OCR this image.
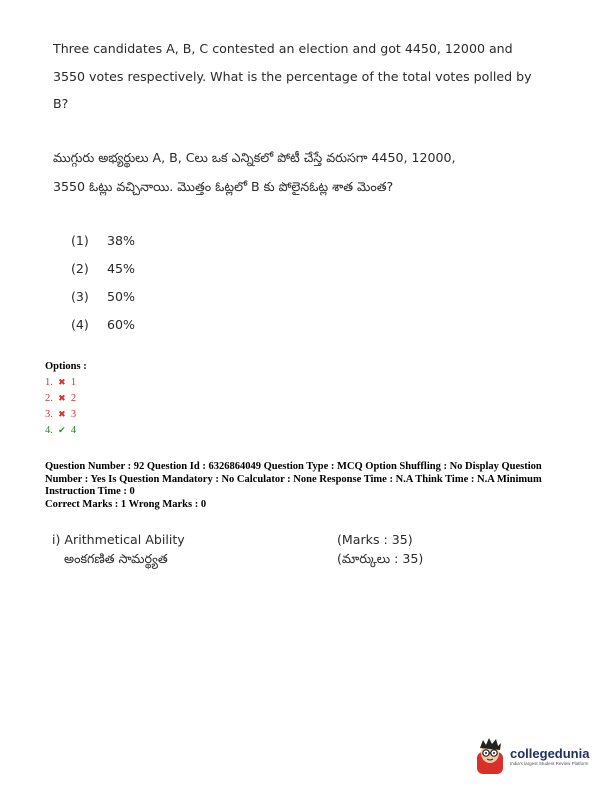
Three candidates A, B, C contested an election and got 4450, 12000 and 3550 votes respectively. What is the percentage of the total votes polled by B?
ముగ్గురు అభ్యర్థులు A, B, Cలు ఒక ఎన్నికలో పోటీ చేస్తే వరుసగా 4450, 12000,
3550 ఓట్లు వచ్చినాయి. మొత్తం ఓట్లలో B కు పోలైనఓట్ల శాత మెంత?
(1)	38%
(2)	45%
(3)	50%
(4)	60%
Options :
1. ✖ 1
2. ✖ 2
3. ✖ 3
4. ✔ 4

Question Number : 92 Question Id : 6326864049 Question Type : MCQ Option Shuffling : No Display Question Number : Yes Is Question Mandatory : No Calculator : None Response Time : N.A Think Time : N.A Minimum Instruction Time : 0

Correct Marks : 1 Wrong Marks : 0

i) Arithmetical Ability	(Marks : 35)
అంకగణిత సామర్థ్యత	(మార్కులు : 35)
collegedunia
India's largest Student Review Platform
